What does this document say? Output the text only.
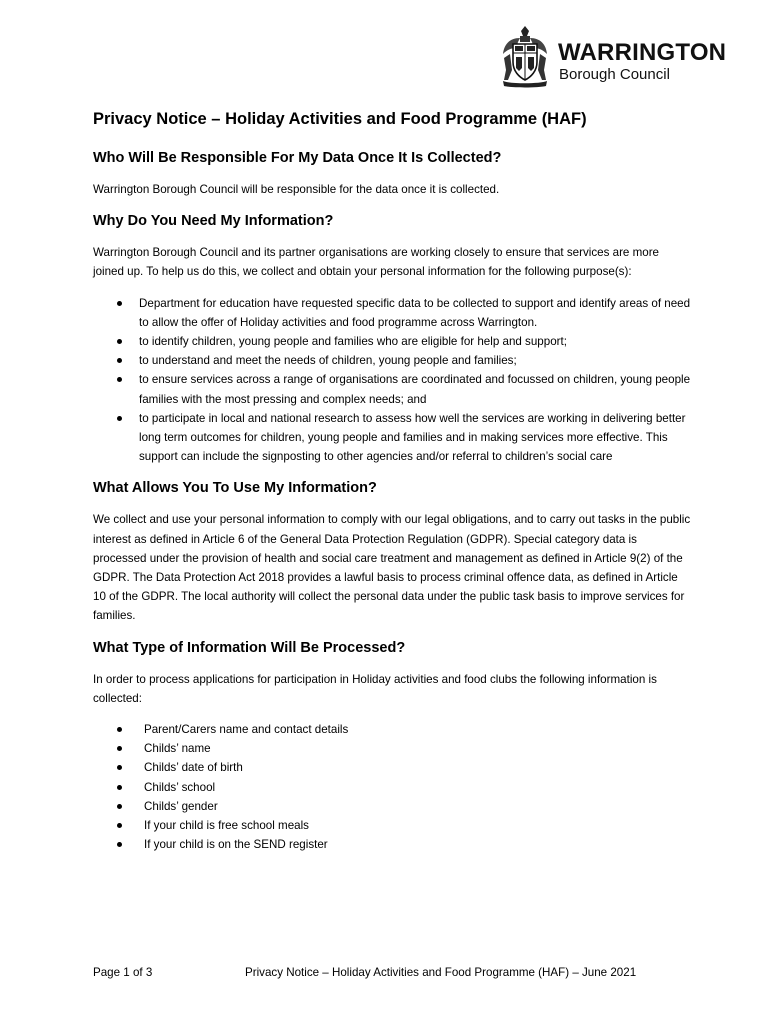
WARRINGTON
Borough Council
Privacy Notice – Holiday Activities and Food Programme (HAF)
Who Will Be Responsible For My Data Once It Is Collected?

Warrington Borough Council will be responsible for the data once it is collected.

Why Do You Need My Information?

Warrington Borough Council and its partner organisations are working closely to ensure that services are more joined up. To help us do this, we collect and obtain your personal information for the following purpose(s):

Department for education have requested specific data to be collected to support and identify areas of need to allow the offer of Holiday activities and food programme across Warrington.
to identify children, young people and families who are eligible for help and support;
to understand and meet the needs of children, young people and families;
to ensure services across a range of organisations are coordinated and focussed on children, young people families with the most pressing and complex needs; and
to participate in local and national research to assess how well the services are working in delivering better long term outcomes for children, young people and families and in making services more effective. This support can include the signposting to other agencies and/or referral to children’s social care
What Allows You To Use My Information?

We collect and use your personal information to comply with our legal obligations, and to carry out tasks in the public interest as defined in Article 6 of the General Data Protection Regulation (GDPR). Special category data is processed under the provision of health and social care treatment and management as defined in Article 9(2) of the GDPR. The Data Protection Act 2018 provides a lawful basis to process criminal offence data, as defined in Article 10 of the GDPR. The local authority will collect the personal data under the public task basis to improve services for families.

What Type of Information Will Be Processed?

In order to process applications for participation in Holiday activities and food clubs the following information is collected:

Parent/Carers name and contact details
Childs’ name
Childs’ date of birth
Childs’ school
Childs’ gender
If your child is free school meals
If your child is on the SEND register
Page 1 of 3	Privacy Notice – Holiday Activities and Food Programme (HAF) – June 2021
